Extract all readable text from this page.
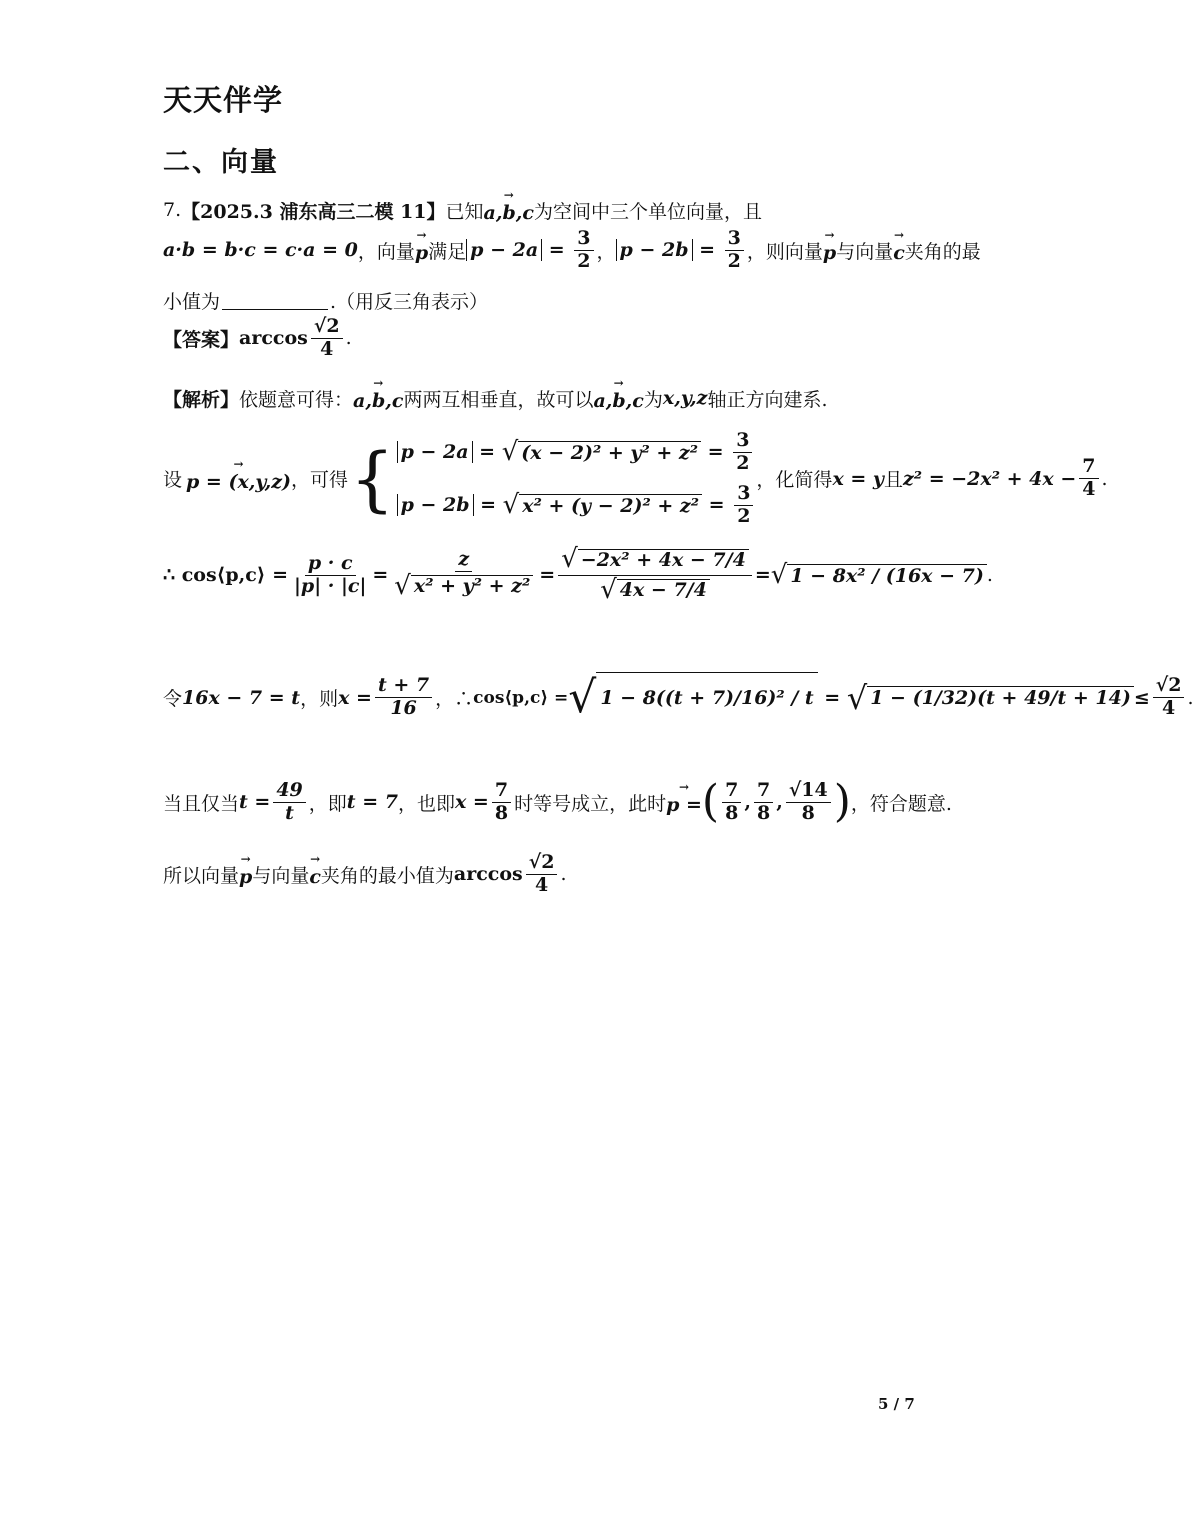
天天伴学
二、向量
7. 【2025.3 浦东高三二模 11】 已知 → a,b,c 为空间中三个单位向量，且
a·b = b·c = c·a = 0 ，向量 → p 满足 $p - 2a = \frac{3}{2}$ ， $p - 2b = \frac{3}{2}$ ，则向量 → p 与向量 → c 夹角的最
小值为	.（用反三角表示）
【答案】 $\arccos \frac{√2}{4}$ .
【解析】 依题意可得： → a,b,c 两两互相垂直，故可以 → a,b,c 为 x,y,z 轴正方向建系.
设 → p = (x,y,z) ，可得 { p − 2a = √ $(x - 2)^2 + y^2 + z^2 = \frac{3}{2}$
p − 2b = √ $x^2 + (y - 2)^2 + z^2 = \frac{3}{2}$
，化简得 x = y 且 $z^2 = -2x^2 + 4x - \frac{7}{4}$ .
∴ cos⟨p,c⟩ = $\frac{p \cdot c}{|p| \cdot |c|} = \frac{z}{\text{√ x² + y² + z²}} = \frac{\text{√ −2x² + 4x − 7/4}}{√ 4x - 7/4}$ = √ 1 − 8x² / (16x − 7) .
令 16x − 7 = t ，则 $x = \frac{t + 7}{16}$ ，∴ cos⟨p,c⟩ = √ 1 − 8((t + 7)/16)² / t = √ $1 - (1/32)(t + 49/t + 14) \le \frac{√2}{4}$ .
当且仅当 $t = \frac{49}{t}$ ，即 t = 7 ，也即 $x = \frac{7}{8}$ 时等号成立，此时 → p = ( $\frac{7}{8}$ , $\frac{7}{8}$ , $\frac{√14}{8}$ ) ，符合题意.
所以向量 → p 与向量 → c 夹角的最小值为 $\arccos \frac{√2}{4}$ .
5 / 7
